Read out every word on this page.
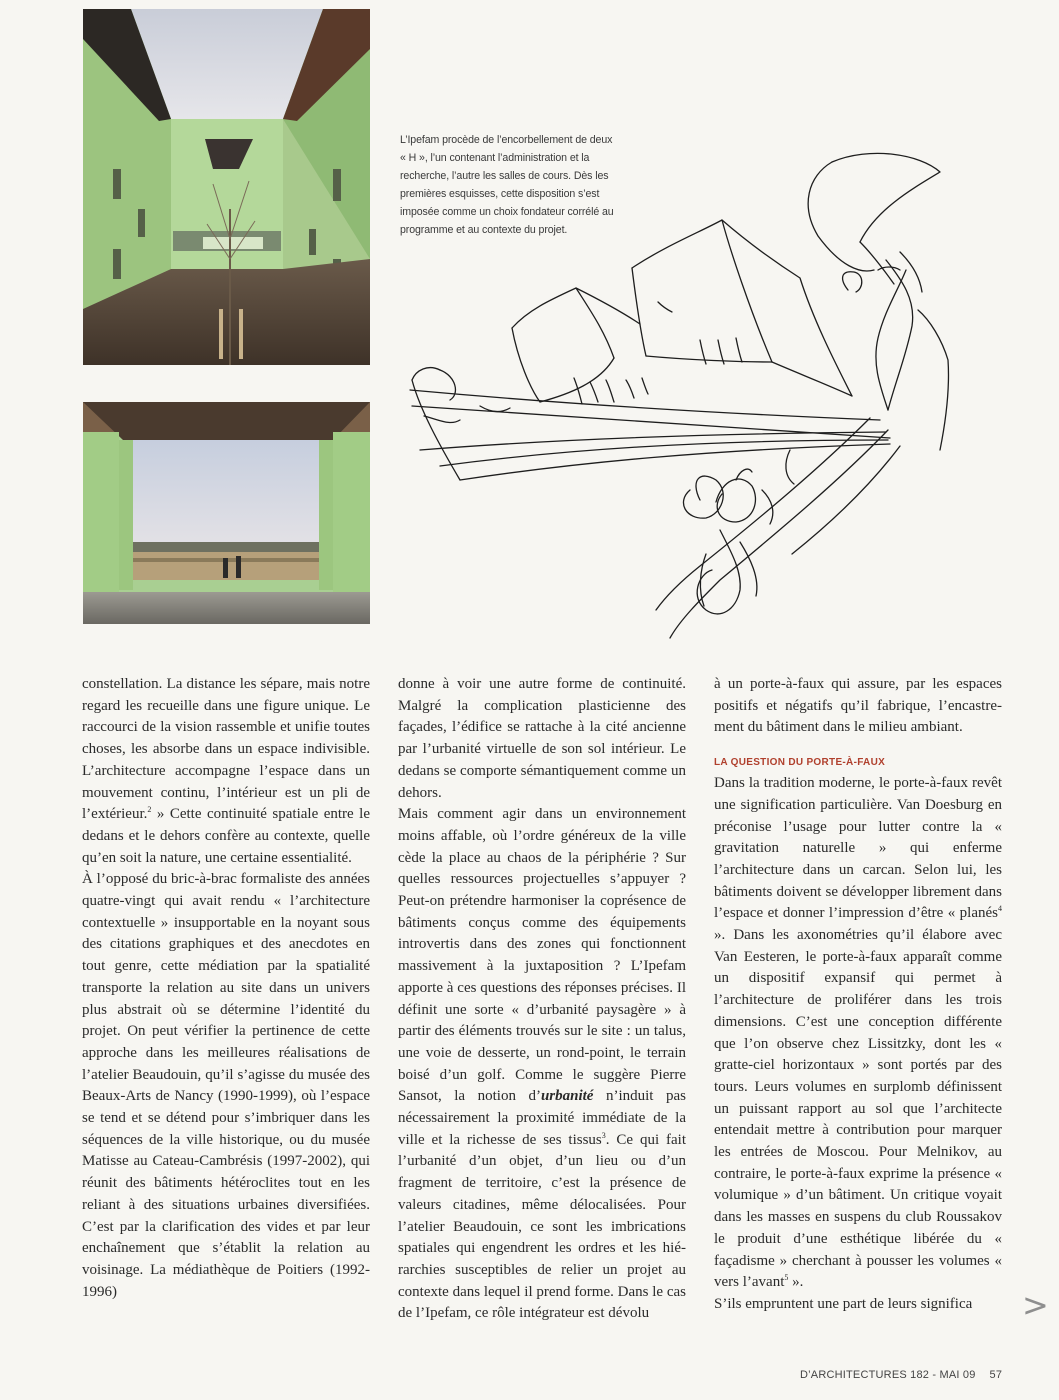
L’Ipefam procède de l’encorbellement de deux « H », l’un contenant l’administration et la recherche, l’autre les salles de cours. Dès les premières esquisses, cette disposition s’est imposée comme un choix fondateur corrélé au programme et au contexte du projet.

constellation. La distance les sépare, mais notre regard les recueille dans une figure unique. Le raccourci de la vision rassemble et unifie toutes choses, les absorbe dans un espace indivisible. L’architecture accompagne l’espace dans un mouvement continu, l’intérieur est un pli de l’extérieur.$^2$ » Cette continuité spatiale entre le dedans et le dehors confère au contexte, quelle qu’en soit la nature, une certaine essentialité.

À l’opposé du bric-à-brac formaliste des années quatre-vingt qui avait rendu « l’architecture contextuelle » insupportable en la noyant sous des citations graphiques et des anecdotes en tout genre, cette médiation par la spatialité transporte la relation au site dans un univers plus abstrait où se détermine l’identité du projet. On peut vérifier la pertinence de cette approche dans les meilleures réalisations de l’atelier Beaudouin, qu’il s’agisse du musée des Beaux-Arts de Nancy (1990-1999), où l’espace se tend et se détend pour s’imbriquer dans les séquences de la ville historique, ou du musée Matisse au Cateau-Cambrésis (1997-2002), qui réunit des bâtiments hétéroclites tout en les reliant à des situations urbaines diversifiées. C’est par la clarification des vides et par leur enchaînement que s’établit la relation au voisinage. La médiathèque de Poitiers (1992-1996)

donne à voir une autre forme de continuité. Malgré la complication plasticienne des façades, l’édifice se rattache à la cité ancienne par l’urbanité virtuelle de son sol intérieur. Le dedans se comporte sémantiquement comme un dehors.

Mais comment agir dans un environnement moins affable, où l’ordre généreux de la ville cède la place au chaos de la périphérie ? Sur quelles ressources projectuelles s’appuyer ? Peut-on prétendre harmoniser la coprésence de bâtiments conçus comme des équipements introvertis dans des zones qui fonctionnent massivement à la juxtaposition ? L’Ipefam apporte à ces questions des réponses précises. Il définit une sorte « d’urbanité paysagère » à partir des éléments trouvés sur le site : un talus, une voie de desserte, un rond-point, le terrain boisé d’un golf. Comme le suggère Pierre Sansot, la notion d’urbanité n’induit pas nécessairement la proximité immédiate de la ville et la richesse de ses tissus$^3$. Ce qui fait l’urbanité d’un objet, d’un lieu ou d’un fragment de territoire, c’est la présence de valeurs citadines, même délocalisées. Pour l’atelier Beaudouin, ce sont les imbrications spatiales qui engendrent les ordres et les hiérarchies susceptibles de relier un projet au contexte dans lequel il prend forme. Dans le cas de l’Ipefam, ce rôle intégrateur est dévolu

à un porte-à-faux qui assure, par les espaces positifs et négatifs qu’il fabrique, l’encastrement du bâtiment dans le milieu ambiant.

LA QUESTION DU PORTE-À-FAUX

Dans la tradition moderne, le porte-à-faux revêt une signification particulière. Van Doesburg en préconise l’usage pour lutter contre la « gravitation naturelle » qui enferme l’architecture dans un carcan. Selon lui, les bâtiments doivent se développer librement dans l’espace et donner l’impression d’être « planés$^4$ ». Dans les axonométries qu’il élabore avec Van Eesteren, le porte-à-faux apparaît comme un dispositif expansif qui permet à l’architecture de proliférer dans les trois dimensions. C’est une conception différente que l’on observe chez Lissitzky, dont les « gratte-ciel horizontaux » sont portés par des tours. Leurs volumes en surplomb définissent un puissant rapport au sol que l’architecte entendait mettre à contribution pour marquer les entrées de Moscou. Pour Melnikov, au contraire, le porte-à-faux exprime la présence « volumique » d’un bâtiment. Un critique voyait dans les masses en suspens du club Roussakov le produit d’une esthétique libérée du « façadisme » cherchant à pousser les volumes « vers l’avant$^5$ ».

S’ils empruntent une part de leurs significa	>
D’ARCHITECTURES 182 - MAI 09 57
